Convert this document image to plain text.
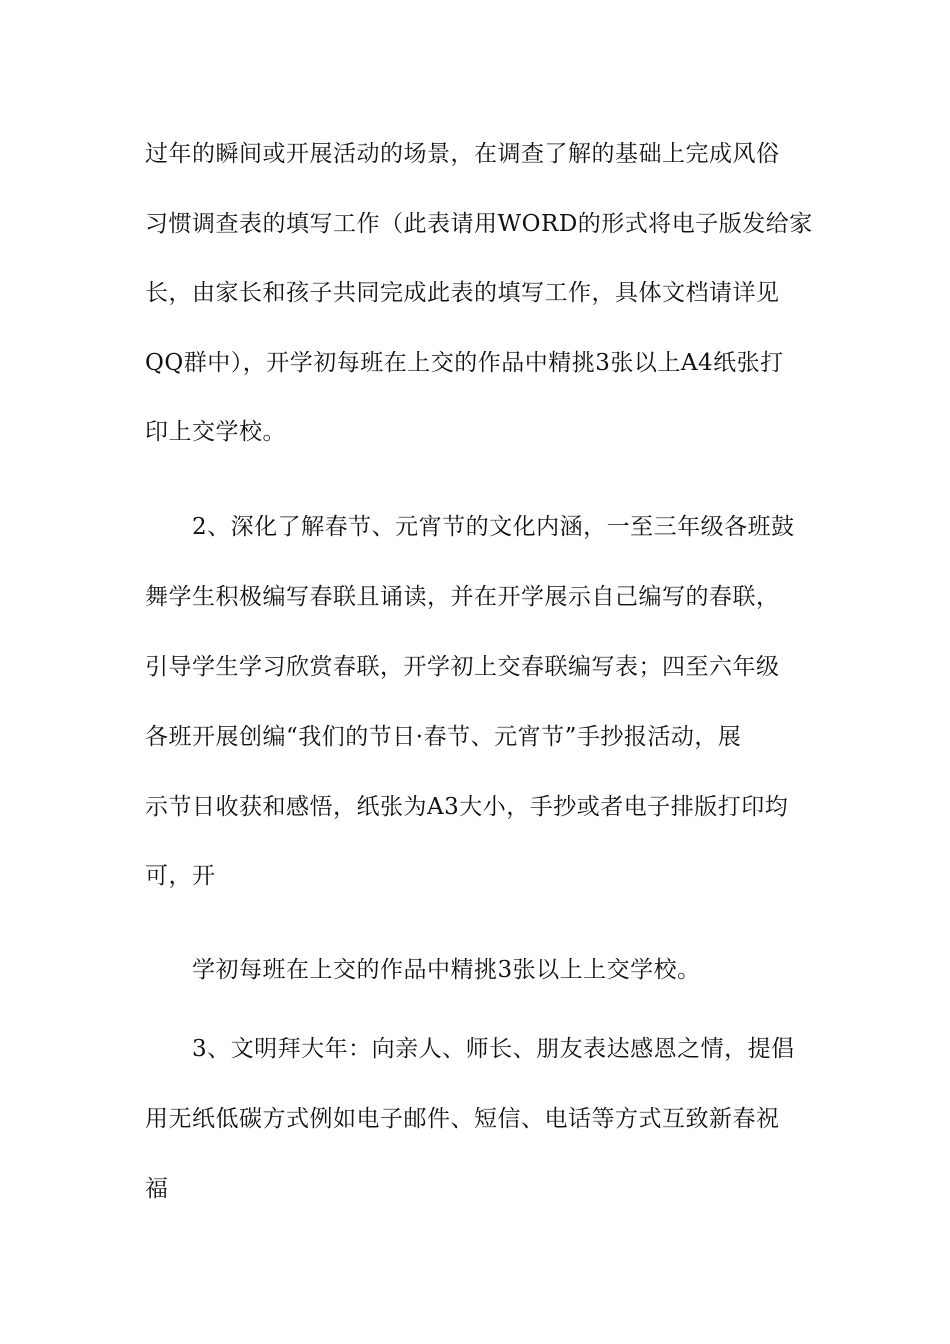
过年的瞬间或开展活动的场景，在调查了解的基础上完成风俗
习惯调查表的填写工作（此表请用WORD的形式将电子版发给家
长，由家长和孩子共同完成此表的填写工作，具体文档请详见
QQ群中），开学初每班在上交的作品中精挑3张以上A4纸张打
印上交学校。
2、深化了解春节、元宵节的文化内涵，一至三年级各班鼓
舞学生积极编写春联且诵读，并在开学展示自己编写的春联，
引导学生学习欣赏春联，开学初上交春联编写表；四至六年级
各班开展创编“我们的节日·春节、元宵节”手抄报活动，展
示节日收获和感悟，纸张为A3大小，手抄或者电子排版打印均
可，开
学初每班在上交的作品中精挑3张以上上交学校。
3、文明拜大年：向亲人、师长、朋友表达感恩之情，提倡
用无纸低碳方式例如电子邮件、短信、电话等方式互致新春祝
福
